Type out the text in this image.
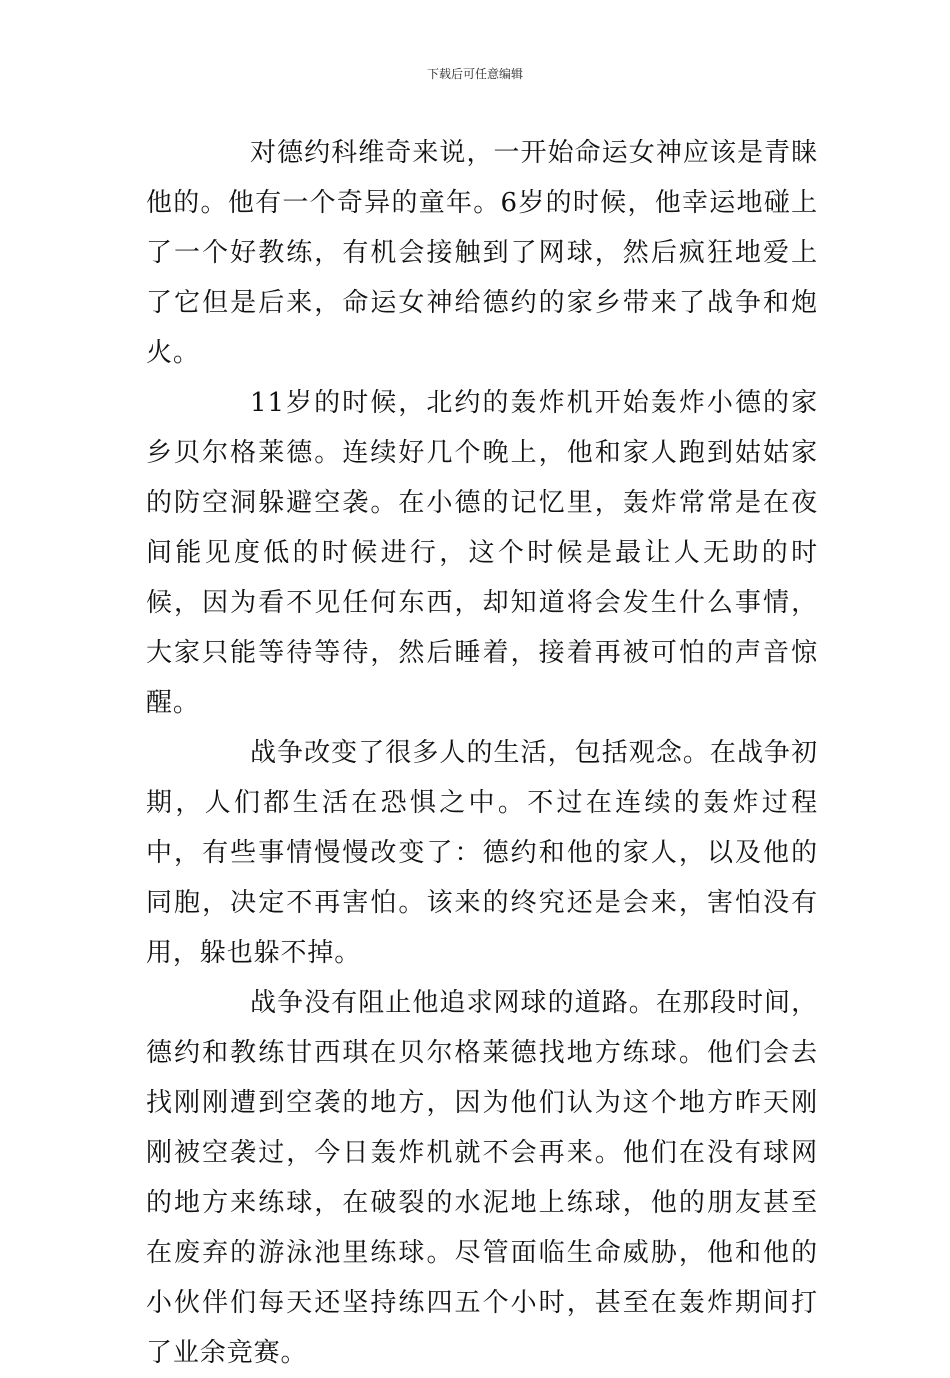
下载后可任意编辑

对德约科维奇来说，一开始命运女神应该是青睐他的。他有一个奇异的童年。6岁的时候，他幸运地碰上了一个好教练，有机会接触到了网球，然后疯狂地爱上了它但是后来，命运女神给德约的家乡带来了战争和炮火。

11岁的时候，北约的轰炸机开始轰炸小德的家乡贝尔格莱德。连续好几个晚上，他和家人跑到姑姑家的防空洞躲避空袭。在小德的记忆里，轰炸常常是在夜间能见度低的时候进行，这个时候是最让人无助的时候，因为看不见任何东西，却知道将会发生什么事情，大家只能等待等待，然后睡着，接着再被可怕的声音惊醒。

战争改变了很多人的生活，包括观念。在战争初期，人们都生活在恐惧之中。不过在连续的轰炸过程中，有些事情慢慢改变了：德约和他的家人，以及他的同胞，决定不再害怕。该来的终究还是会来，害怕没有用，躲也躲不掉。

战争没有阻止他追求网球的道路。在那段时间，德约和教练甘西琪在贝尔格莱德找地方练球。他们会去找刚刚遭到空袭的地方，因为他们认为这个地方昨天刚刚被空袭过，今日轰炸机就不会再来。他们在没有球网的地方来练球，在破裂的水泥地上练球，他的朋友甚至在废弃的游泳池里练球。尽管面临生命威胁，他和他的小伙伴们每天还坚持练四五个小时，甚至在轰炸期间打了业余竞赛。
